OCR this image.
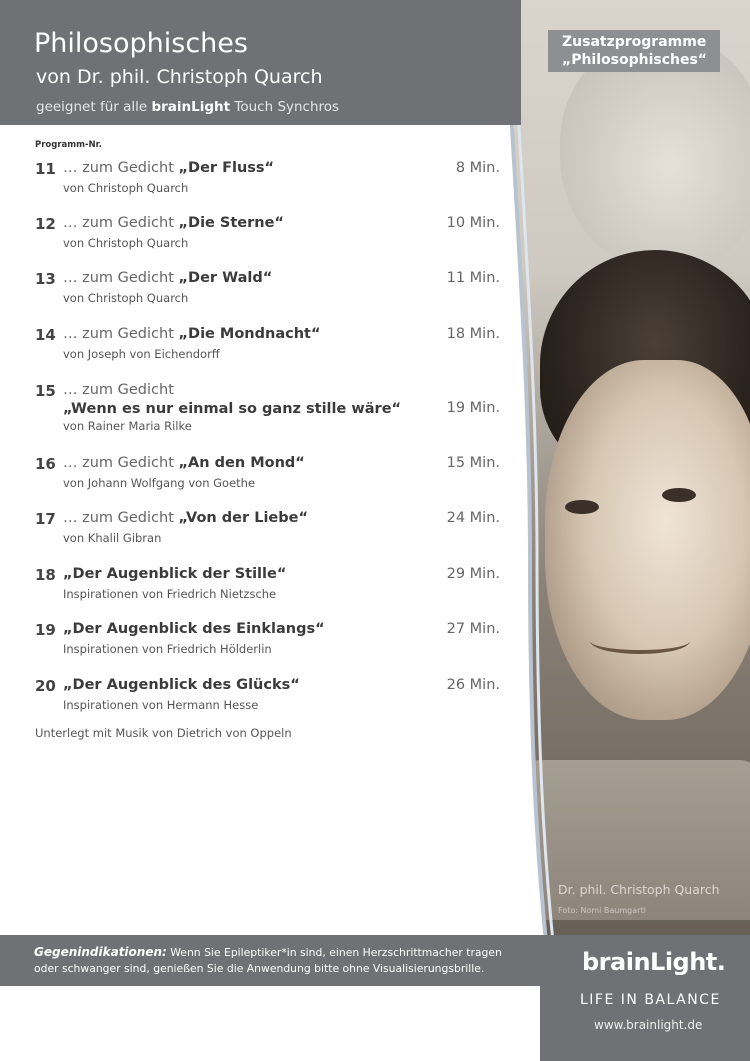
Philosophisches
von Dr. phil. Christoph Quarch
geeignet für alle brainLight Touch Synchros
Zusatzprogramme
„Philosophisches“
Programm-Nr.
11 … zum Gedicht „Der Fluss“	8 Min.
von Christoph Quarch
12 … zum Gedicht „Die Sterne“	10 Min.
von Christoph Quarch
13 … zum Gedicht „Der Wald“	11 Min.
von Christoph Quarch
14 … zum Gedicht „Die Mondnacht“	18 Min.
von Joseph von Eichendorff
15 … zum Gedicht
„Wenn es nur einmal so ganz stille wäre“	19 Min.
von Rainer Maria Rilke
16 … zum Gedicht „An den Mond“	15 Min.
von Johann Wolfgang von Goethe
17 … zum Gedicht „Von der Liebe“	24 Min.
von Khalil Gibran
18 „Der Augenblick der Stille“	29 Min.
Inspirationen von Friedrich Nietzsche
19 „Der Augenblick des Einklangs“	27 Min.
Inspirationen von Friedrich Hölderlin
20 „Der Augenblick des Glücks“	26 Min.
Inspirationen von Hermann Hesse
Unterlegt mit Musik von Dietrich von Oppeln
Dr. phil. Christoph Quarch
Foto: Nomi Baumgartl
Gegenindikationen: Wenn Sie Epileptiker*in sind, einen Herzschrittmacher tragen oder schwanger sind, genießen Sie die Anwendung bitte ohne Visualisierungsbrille.	brainLight.
LIFE IN BALANCE
www.brainlight.de
